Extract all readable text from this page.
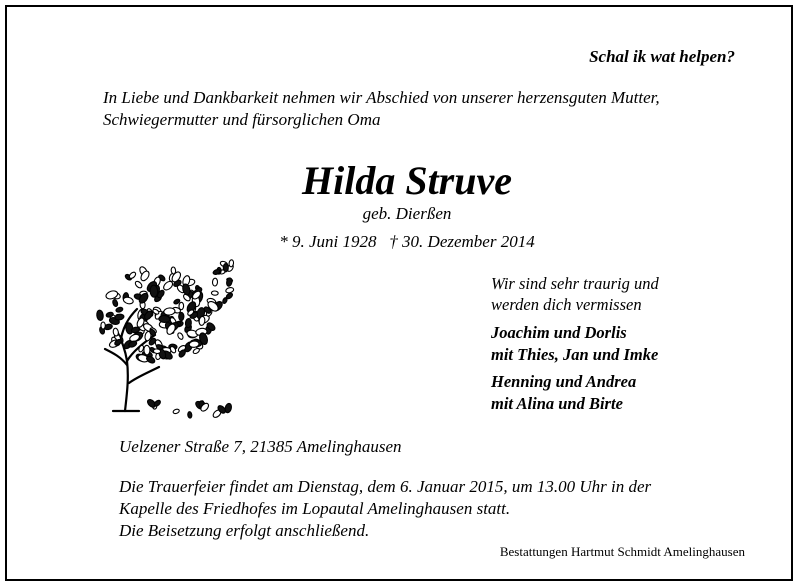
Schal ik wat helpen?
In Liebe und Dankbarkeit nehmen wir Abschied von unserer herzensguten Mutter,
Schwiegermutter und fürsorglichen Oma
Hilda Struve
geb. Dierßen
* 9. Juni 1928 † 30. Dezember 2014
Wir sind sehr traurig und
werden dich vermissen
Joachim und Dorlis
mit Thies, Jan und Imke
Henning und Andrea
mit Alina und Birte
Uelzener Straße 7, 21385 Amelinghausen
Die Trauerfeier findet am Dienstag, dem 6. Januar 2015, um 13.00 Uhr in der
Kapelle des Friedhofes im Lopautal Amelinghausen statt.
Die Beisetzung erfolgt anschließend.
Bestattungen Hartmut Schmidt Amelinghausen
